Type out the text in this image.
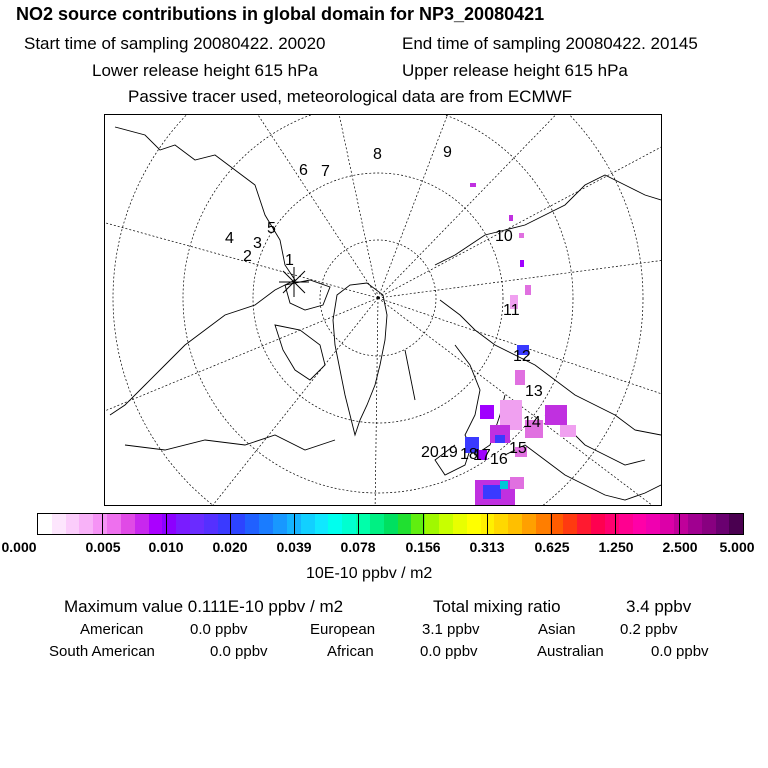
NO2 source contributions in global domain for NP3_20080421
Start time of sampling 20080422. 20020	End time of sampling 20080422. 20145
Lower release height 615 hPa	Upper release height 615 hPa
Passive tracer used, meteorological data are from ECMWF
1
2
3
4
5
6 7
8	9
10
11
12
13
14
15
16
17
18
19
20
0.000	0.005 0.010 0.020 0.039 0.078 0.156 0.313 0.625 1.250 2.500 5.000
10E-10 ppbv / m2
Maximum value 0.111E-10 ppbv / m2	Total mixing ratio	3.4 ppbv
American	0.0 ppbv	European	3.1 ppbv	Asian	0.2 ppbv
South American	0.0 ppbv	African	0.0 ppbv	Australian	0.0 ppbv
